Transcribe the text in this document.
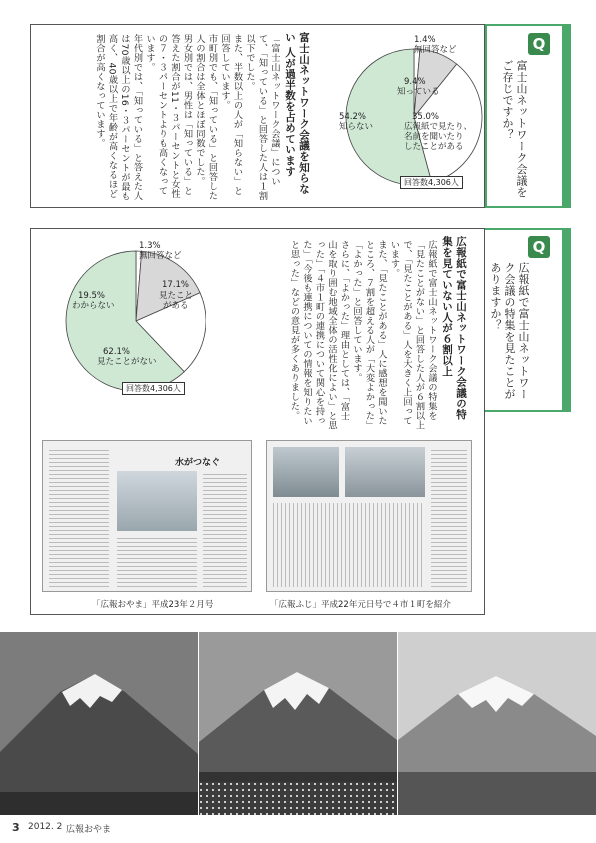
Q
富士山ネットワーク会議をご存じですか？
富士山ネットワーク会議を知らない 人が過半数を占めています
「富士山ネットワーク会議」について、「知っている」と回答した人は１割以下でした。
また、半数以上の人が「知らない」と回答しています。
市町別でも、「知っている」と回答した人の割合は全体とほぼ同数でした。
男女別では、男性は「知っている」と答えた割合が11・３パーセントと女性の７・３パーセントよりも高くなっています。
年代別では、「知っている」と答えた人は70歳以上の16・３パーセントが最も高く、40歳以上で年齢が高くなるほど割合が高くなっています。	1.4%
無回答など
9.4%
知っている
35.0%
広報紙で見たり、
名前を聞いたり
したことがある
54.2%
知らない
回答数4,306人
Q
広報紙で富士山ネットワーク会議の特集を見たことがありますか？
広報紙で富士山ネットワーク会議の特 集を見ていない人が６割以上
広報紙で富士山ネットワーク会議の特集を「見たことがない」と回答した人が６割以上で、「見たことがある」人を大きく上回っています。
また、「見たことがある」人に感想を聞いたところ、７割を超える人が「大変よかった」「よかった」と回答しています。
さらに、「よかった」理由としては、「富士山を取り囲む地域全体の活性化によい」と思った」「４市１町の連携について関心を持った」「今後も連携についての情報を知りたいと思った」などの意見が多くありました。
1.3%
無回答など
17.1%
見たこと
がある
19.5%
わからない
62.1%
見たことがない
回答数4,306人
水がつなぐ
「広報おやま」平成23年２月号	「広報ふじ」平成22年元日号で４市１町を紹介
3 2012. 2 広報おやま
